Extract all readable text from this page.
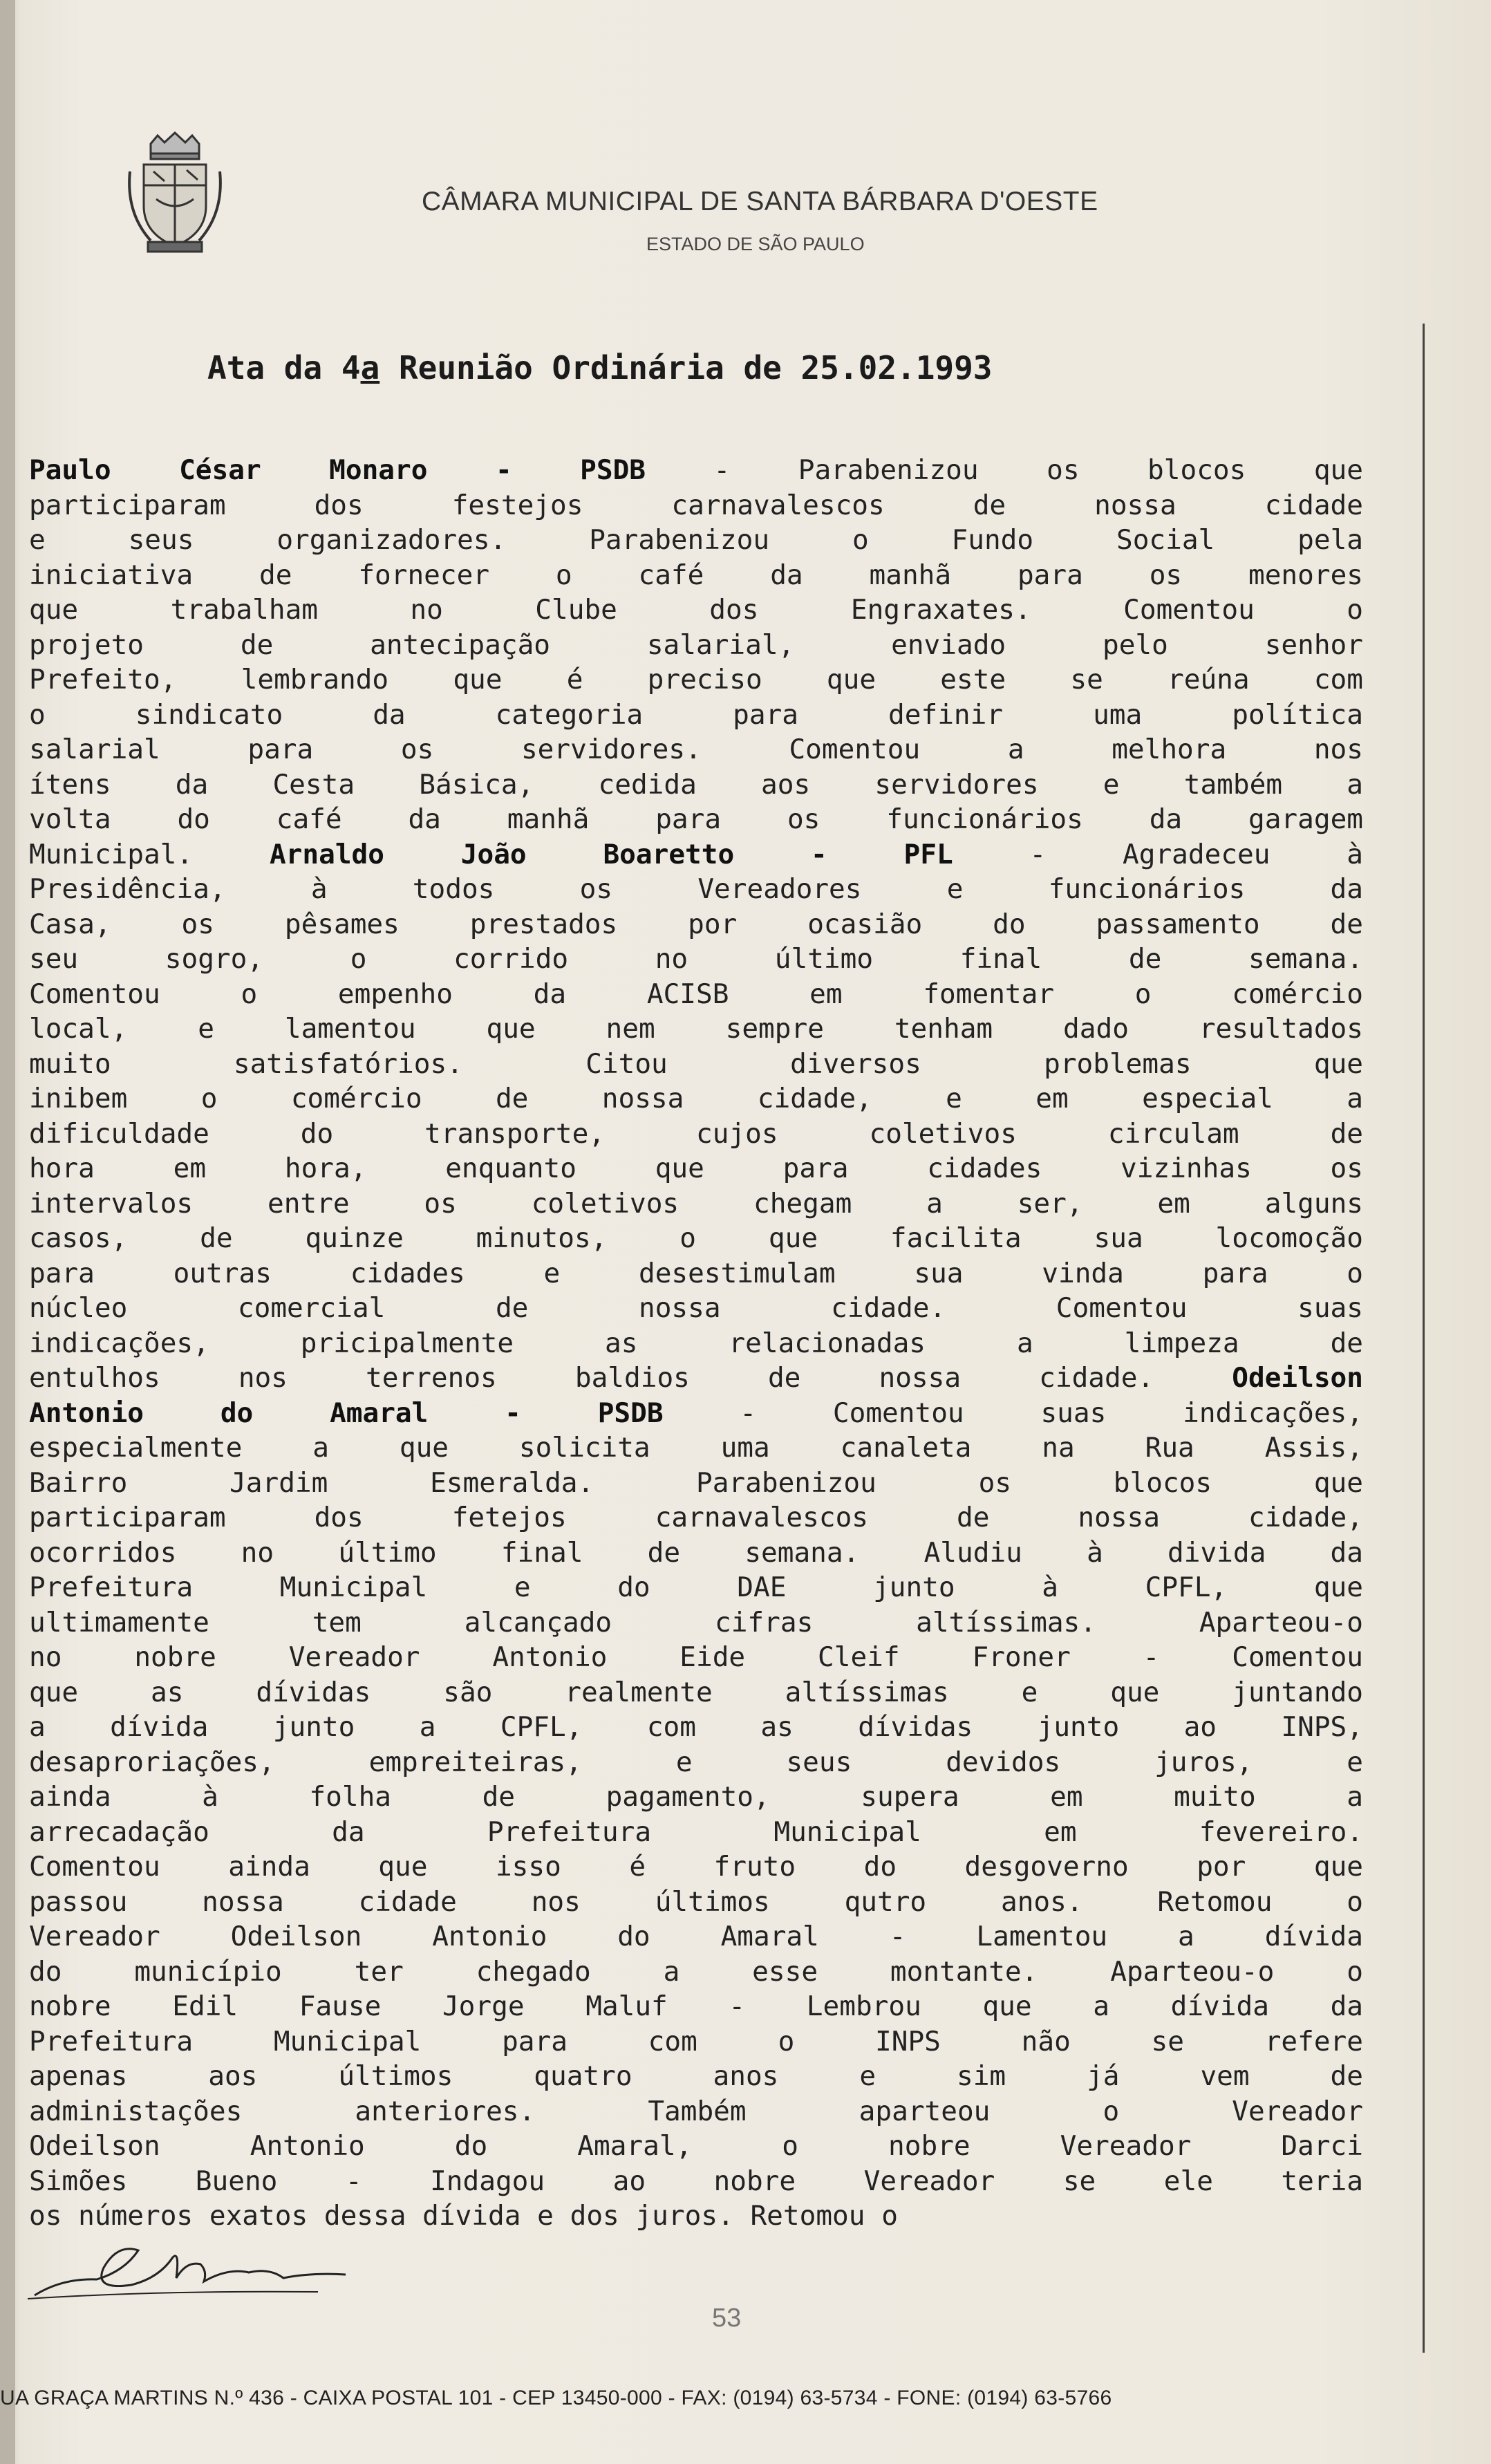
CÂMARA MUNICIPAL DE SANTA BÁRBARA D'OESTE
ESTADO DE SÃO PAULO
Ata da 4a Reunião Ordinária de 25.02.1993
Paulo César Monaro - PSDB - Parabenizou os blocos que
participaram dos festejos carnavalescos de nossa cidade
e seus organizadores. Parabenizou o Fundo Social pela
iniciativa de fornecer o café da manhã para os menores
que trabalham no Clube dos Engraxates. Comentou o
projeto de antecipação salarial, enviado pelo senhor
Prefeito, lembrando que é preciso que este se reúna com
o sindicato da categoria para definir uma política
salarial para os servidores. Comentou a melhora nos
ítens da Cesta Básica, cedida aos servidores e também a
volta do café da manhã para os funcionários da garagem
Municipal. Arnaldo João Boaretto - PFL - Agradeceu à
Presidência, à todos os Vereadores e funcionários da
Casa, os pêsames prestados por ocasião do passamento de
seu sogro, o corrido no último final de semana.
Comentou o empenho da ACISB em fomentar o comércio
local, e lamentou que nem sempre tenham dado resultados
muito satisfatórios. Citou diversos problemas que
inibem o comércio de nossa cidade, e em especial a
dificuldade do transporte, cujos coletivos circulam de
hora em hora, enquanto que para cidades vizinhas os
intervalos entre os coletivos chegam a ser, em alguns
casos, de quinze minutos, o que facilita sua locomoção
para outras cidades e desestimulam sua vinda para o
núcleo comercial de nossa cidade. Comentou suas
indicações, pricipalmente as relacionadas a limpeza de
entulhos nos terrenos baldios de nossa cidade. Odeilson
Antonio do Amaral - PSDB - Comentou suas indicações,
especialmente a que solicita uma canaleta na Rua Assis,
Bairro Jardim Esmeralda. Parabenizou os blocos que
participaram dos fetejos carnavalescos de nossa cidade,
ocorridos no último final de semana. Aludiu à divida da
Prefeitura Municipal e do DAE junto à CPFL, que
ultimamente tem alcançado cifras altíssimas. Aparteou-o
no nobre Vereador Antonio Eide Cleif Froner - Comentou
que as dívidas são realmente altíssimas e que juntando
a dívida junto a CPFL, com as dívidas junto ao INPS,
desaproriações, empreiteiras, e seus devidos juros, e
ainda à folha de pagamento, supera em muito a
arrecadação da Prefeitura Municipal em fevereiro.
Comentou ainda que isso é fruto do desgoverno por que
passou nossa cidade nos últimos qutro anos. Retomou o
Vereador Odeilson Antonio do Amaral - Lamentou a dívida
do município ter chegado a esse montante. Aparteou-o o
nobre Edil Fause Jorge Maluf - Lembrou que a dívida da
Prefeitura Municipal para com o INPS não se refere
apenas aos últimos quatro anos e sim já vem de
administações anteriores. Também aparteou o Vereador
Odeilson Antonio do Amaral, o nobre Vereador Darci
Simões Bueno - Indagou ao nobre Vereador se ele teria
os números exatos dessa dívida e dos juros. Retomou o
53
UA GRAÇA MARTINS N.º 436 - CAIXA POSTAL 101 - CEP 13450-000 - FAX: (0194) 63-5734 - FONE: (0194) 63-5766
